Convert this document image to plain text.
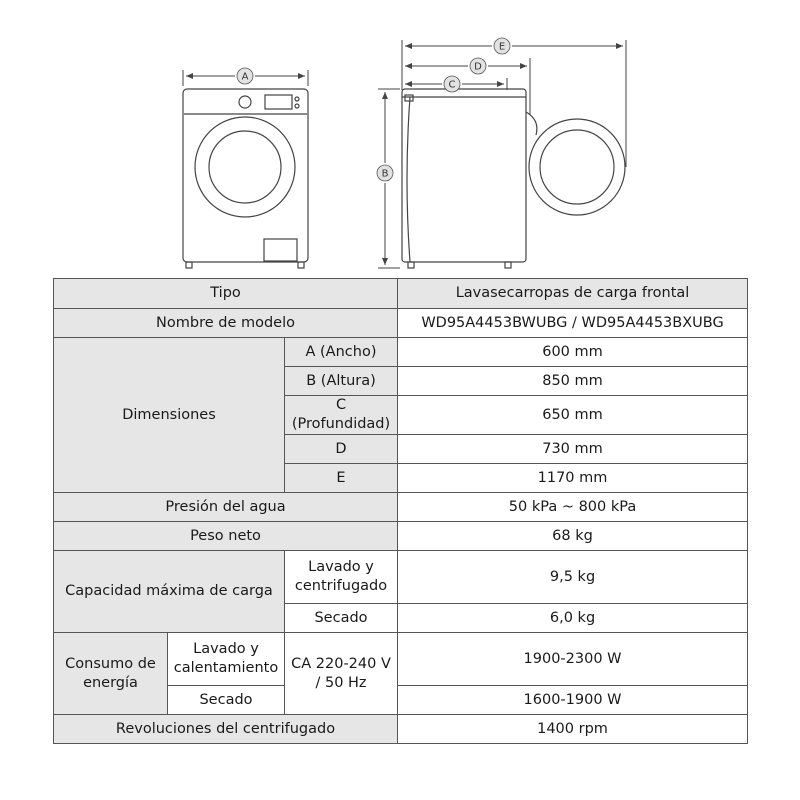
A
B
C
D
E
Tipo			Lavasecarropas de carga frontal
Nombre de modelo			WD95A4453BWUBG / WD95A4453BXUBG
Dimensiones		A (Ancho)	600 mm
		B (Altura)	850 mm
		C (Profundidad)	650 mm
		D	730 mm
		E	1170 mm
Presión del agua			50 kPa ~ 800 kPa
Peso neto			68 kg
Capacidad máxima de carga		Lavado y centrifugado	9,5 kg
		Secado	6,0 kg
Consumo de energía	Lavado y calentamiento	CA 220-240 V / 50 Hz	1900-2300 W
	Secado		1600-1900 W
Revoluciones del centrifugado			1400 rpm
